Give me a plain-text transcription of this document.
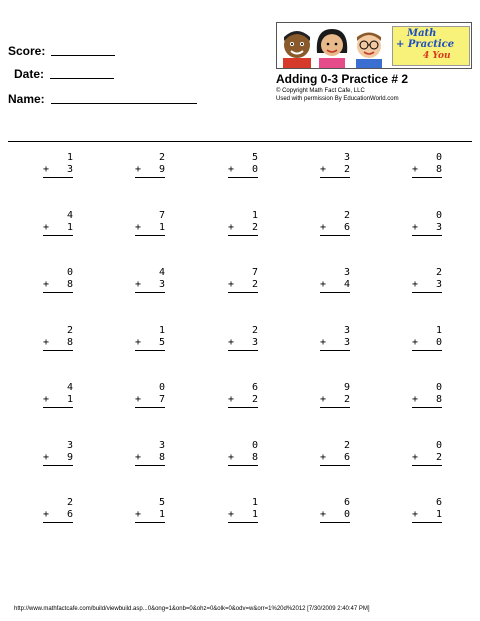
Score:
Date:
Name:
Math
+ Practice
4 You
Adding 0-3 Practice # 2
© Copyright Math Fact Cafe, LLC
Used with permission By EducationWorld.com
1
+ 3
2
+ 9
5
+ 0
3
+ 2
0
+ 8
4
+ 1
7
+ 1
1
+ 2
2
+ 6
0
+ 3
0
+ 8
4
+ 3
7
+ 2
3
+ 4
2
+ 3
2
+ 8
1
+ 5
2
+ 3
3
+ 3
1
+ 0
4
+ 1
0
+ 7
6
+ 2
9
+ 2
0
+ 8
3
+ 9
3
+ 8
0
+ 8
2
+ 6
0
+ 2
2
+ 6
5
+ 1
1
+ 1
6
+ 0
6
+ 1
http://www.mathfactcafe.com/build/viewbuild.asp...0&ong=1&onb=0&ohz=0&olk=0&odv=w&orr=1%20d%2012 [7/30/2009 2:40:47 PM]
